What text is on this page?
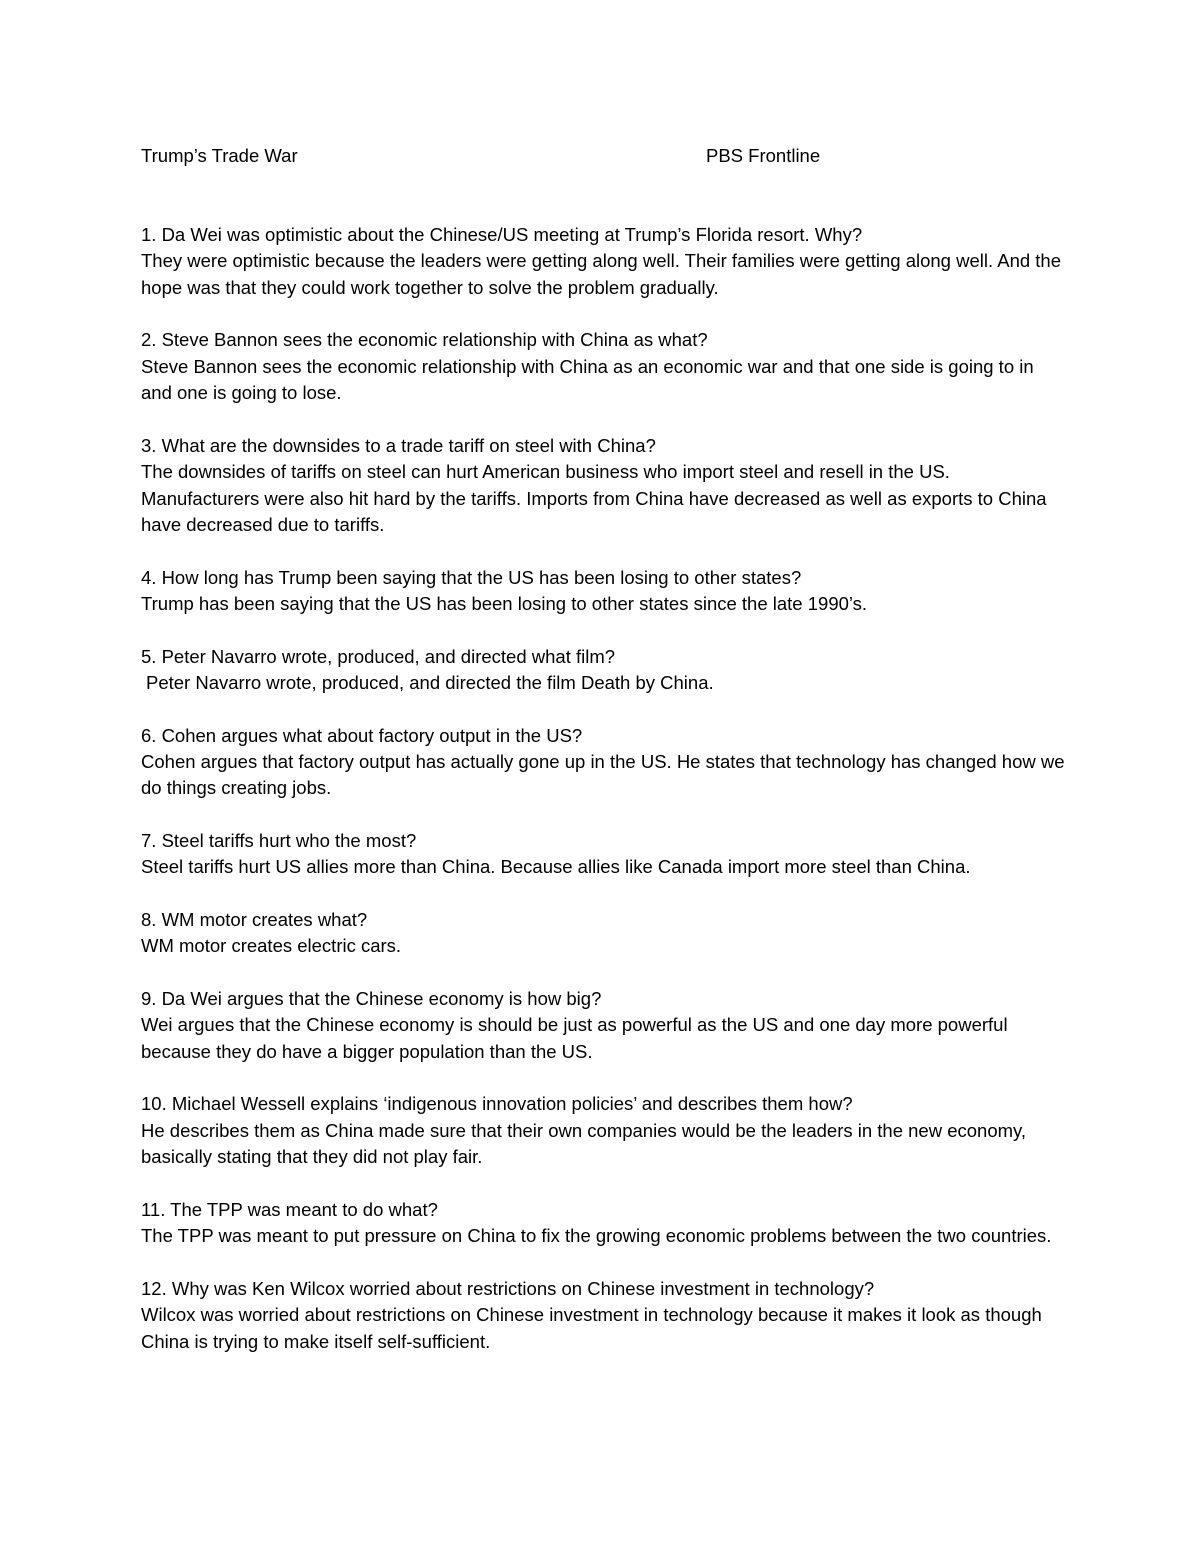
Trump’s Trade War	PBS Frontline

1. Da Wei was optimistic about the Chinese/US meeting at Trump’s Florida resort. Why?

They were optimistic because the leaders were getting along well. Their families were getting along well. And the hope was that they could work together to solve the problem gradually.

2. Steve Bannon sees the economic relationship with China as what?

Steve Bannon sees the economic relationship with China as an economic war and that one side is going to in and one is going to lose.

3. What are the downsides to a trade tariff on steel with China?

The downsides of tariffs on steel can hurt American business who import steel and resell in the US. Manufacturers were also hit hard by the tariffs. Imports from China have decreased as well as exports to China have decreased due to tariffs.

4. How long has Trump been saying that the US has been losing to other states?

Trump has been saying that the US has been losing to other states since the late 1990’s.

5. Peter Navarro wrote, produced, and directed what film?

Peter Navarro wrote, produced, and directed the film Death by China.

6. Cohen argues what about factory output in the US?

Cohen argues that factory output has actually gone up in the US. He states that technology has changed how we do things creating jobs.

7. Steel tariffs hurt who the most?

Steel tariffs hurt US allies more than China. Because allies like Canada import more steel than China.

8. WM motor creates what?

WM motor creates electric cars.

9. Da Wei argues that the Chinese economy is how big?

Wei argues that the Chinese economy is should be just as powerful as the US and one day more powerful because they do have a bigger population than the US.

10. Michael Wessell explains ‘indigenous innovation policies’ and describes them how?

He describes them as China made sure that their own companies would be the leaders in the new economy, basically stating that they did not play fair.

11. The TPP was meant to do what?

The TPP was meant to put pressure on China to fix the growing economic problems between the two countries.

12. Why was Ken Wilcox worried about restrictions on Chinese investment in technology?

Wilcox was worried about restrictions on Chinese investment in technology because it makes it look as though China is trying to make itself self-sufficient.
